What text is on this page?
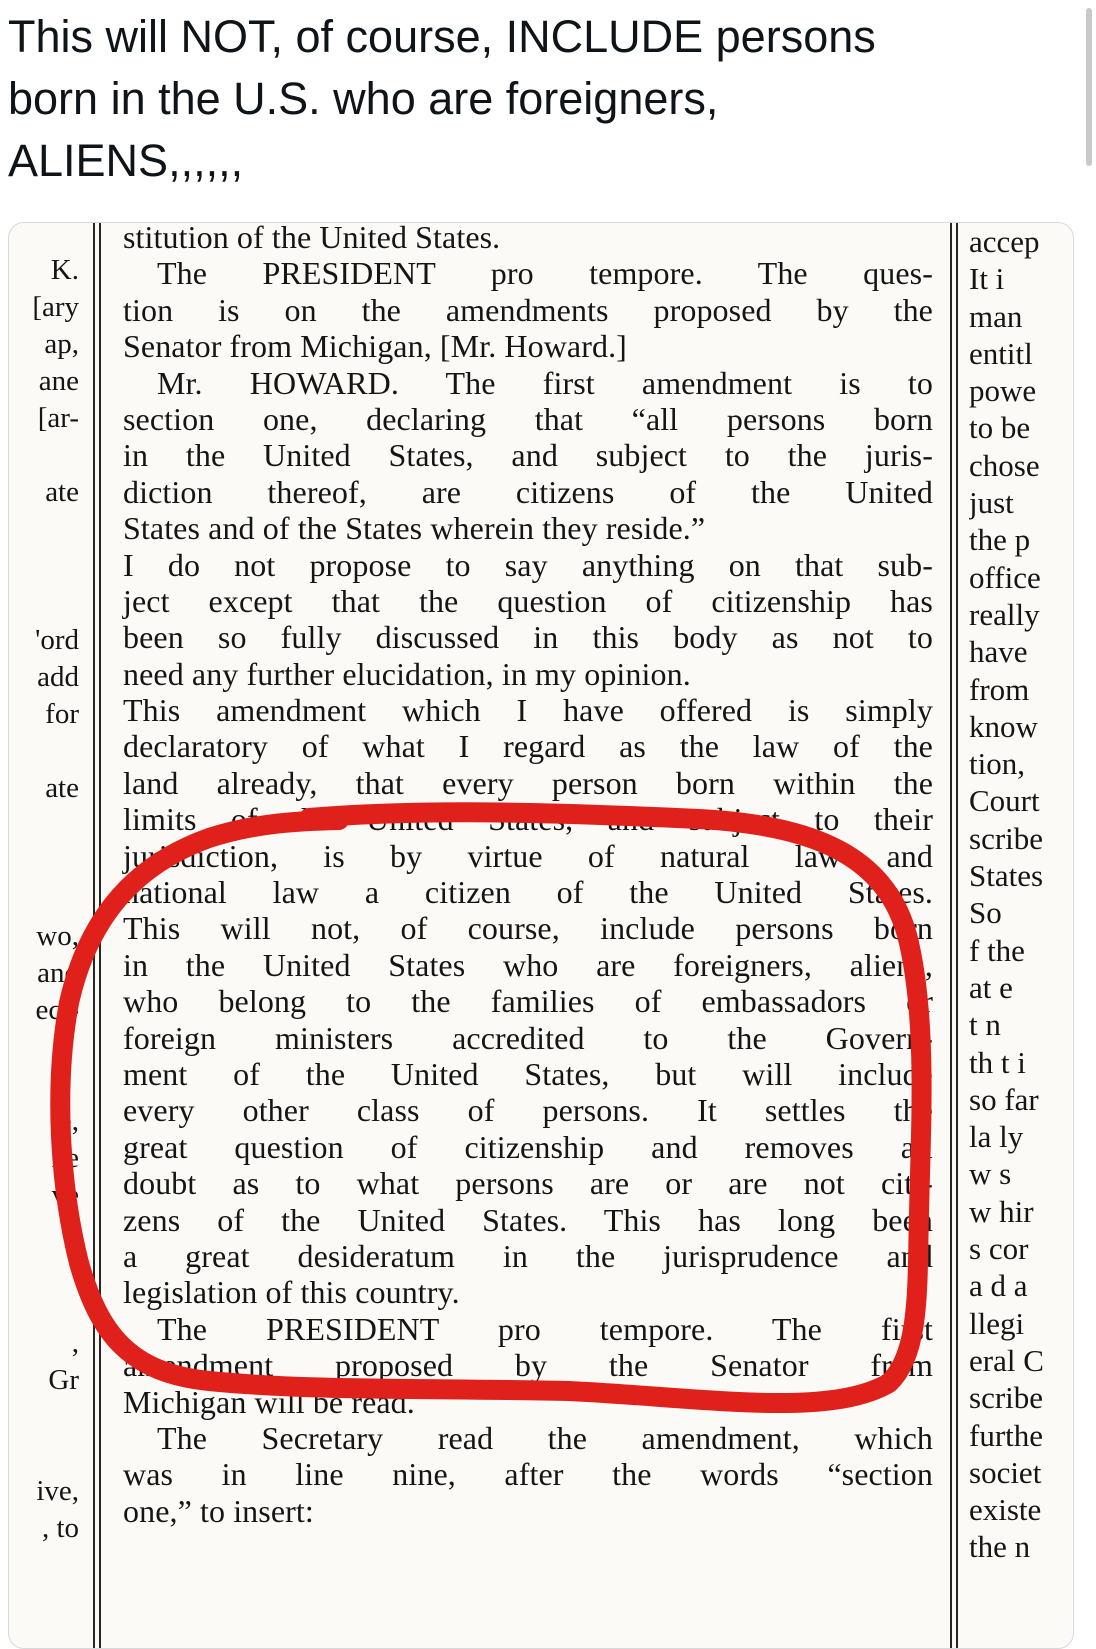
This will NOT, of course, INCLUDE persons
born in the U.S. who are foreigners,
ALIENS,,,,,,
K.
[ary
ap,
ane
[ar-
ate
'ord
add
for
ate
wo,
and
ect-
e,
he
ve
,
Gr
ive,
, to
stitution of the United States.
The PRESIDENT pro tempore. The ques-
tion is on the amendments proposed by the
Senator from Michigan, [Mr. Howard.]
Mr. HOWARD. The first amendment is to
section one, declaring that “all persons born
in the United States, and subject to the juris-
diction thereof, are citizens of the United
States and of the States wherein they reside.”
I do not propose to say anything on that sub-
ject except that the question of citizenship has
been so fully discussed in this body as not to
need any further elucidation, in my opinion.
This amendment which I have offered is simply
declaratory of what I regard as the law of the
land already, that every person born within the
limits of the United States, and subject to their
jurisdiction, is by virtue of natural law and
national law a citizen of the United States.
This will not, of course, include persons born
in the United States who are foreigners, aliens,
who belong to the families of embassadors or
foreign ministers accredited to the Govern-
ment of the United States, but will include
every other class of persons. It settles the
great question of citizenship and removes all
doubt as to what persons are or are not citi-
zens of the United States. This has long been
a great desideratum in the jurisprudence and
legislation of this country.
The PRESIDENT pro tempore. The first
amendment proposed by the Senator from
Michigan will be read.
The Secretary read the amendment, which
was in line nine, after the words “section
one,” to insert:
accep
It i
man
entitl
powe
to be
chose
just
the p
office
really
have
from
know
tion,
Court
scribe
States
So
f the
at e
t n
th t i
so far
la ly
w s
w hir
s cor
a d a
llegi
eral C
scribe
furthe
societ
existe
the n
